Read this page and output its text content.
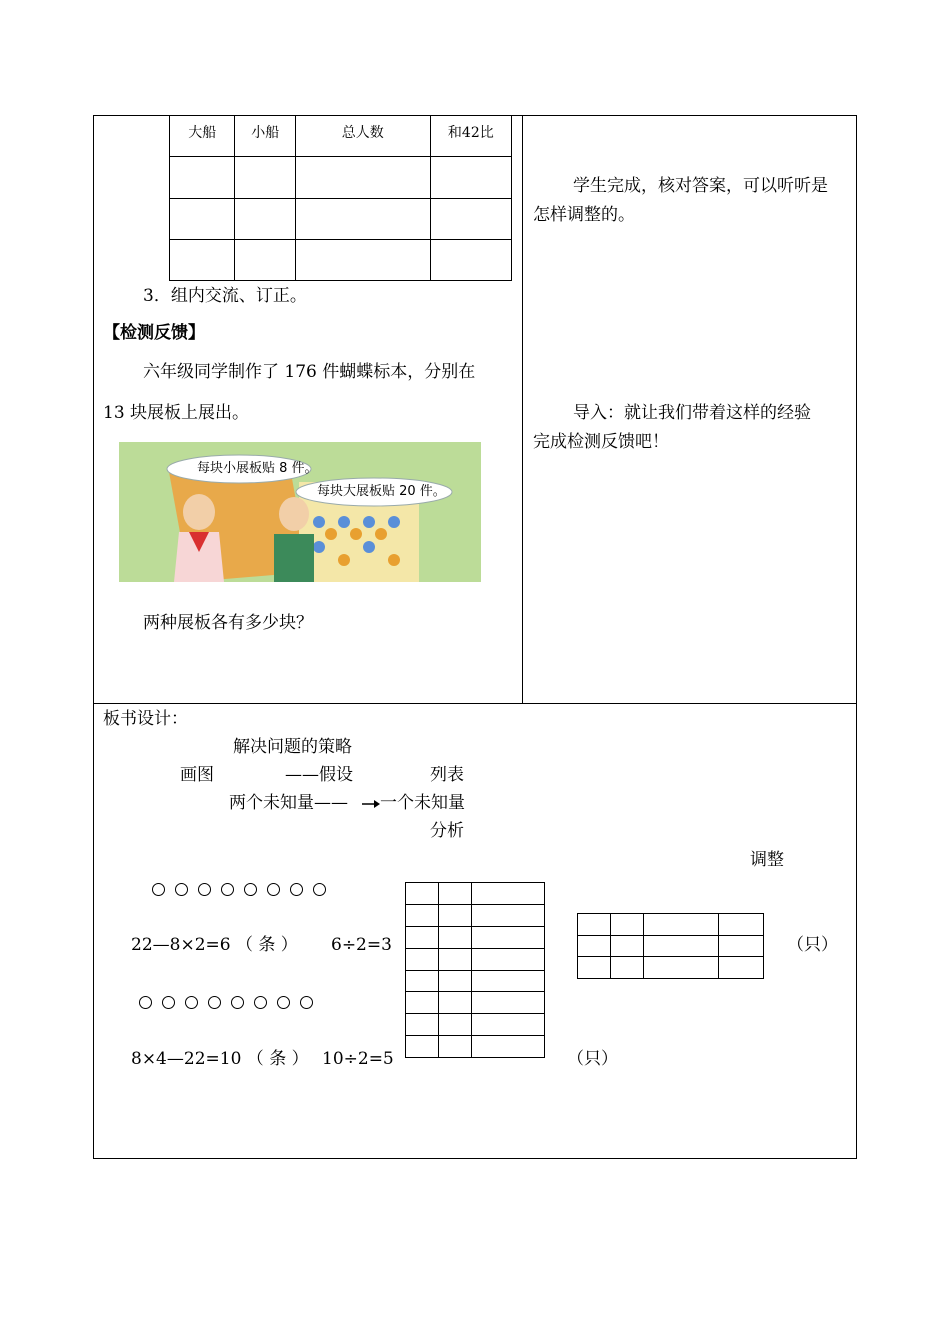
大船	小船	总人数	和42比

3．组内交流、订正。
【检测反馈】
六年级同学制作了 176 件蝴蝶标本，分别在
13 块展板上展出。
每块小展板贴 8 件。
每块大展板贴 20 件。
两种展板各有多少块？
学生完成，核对答案，可以听听是
怎样调整的。
导入：就让我们带着这样的经验
完成检测反馈吧！
板书设计：
解决问题的策略
画图	——假设	列表
两个未知量—— 一个未知量
分析
调整
22—8×2=6 （ 条 ） 6÷2=3
8×4—22=10 （ 条 ） 10÷2=5

			（只）

（只）
